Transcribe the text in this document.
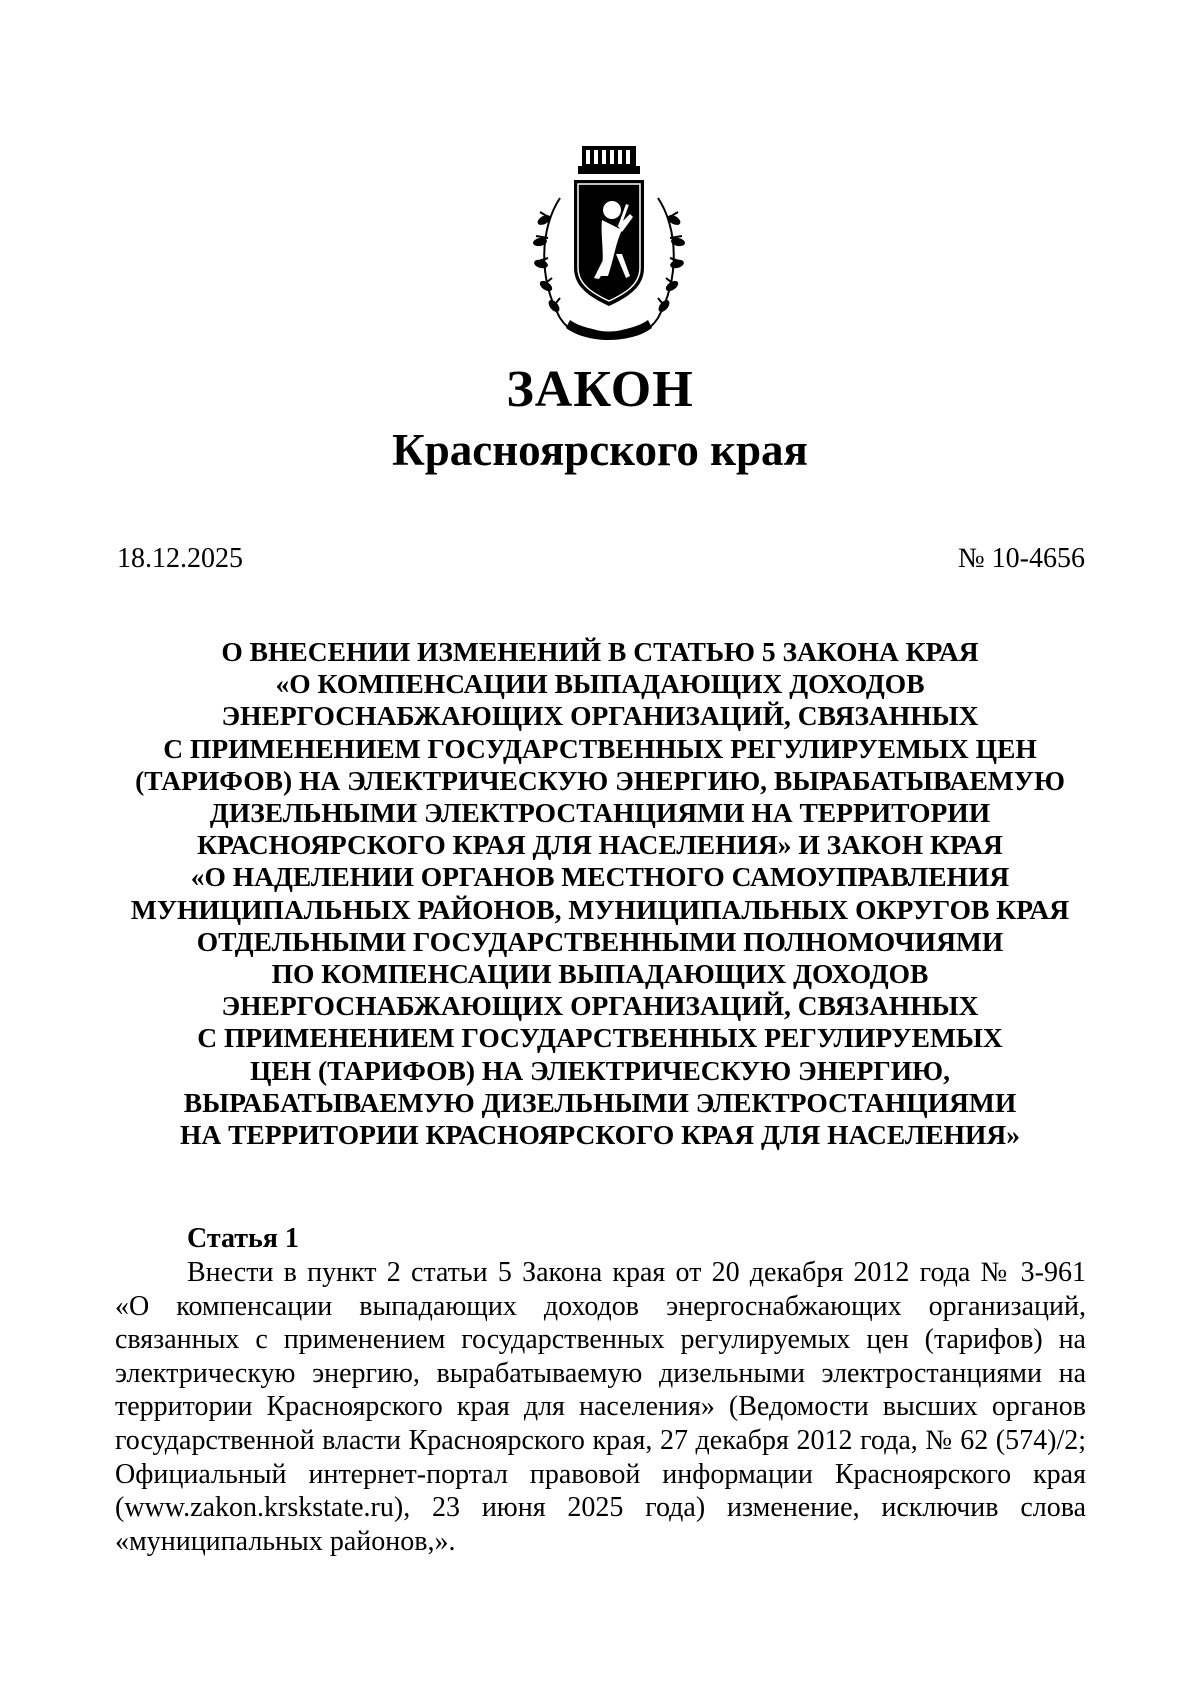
ЗАКОН
Красноярского края
18.12.2025	№ 10-4656
О ВНЕСЕНИИ ИЗМЕНЕНИЙ В СТАТЬЮ 5 ЗАКОНА КРАЯ
«О КОМПЕНСАЦИИ ВЫПАДАЮЩИХ ДОХОДОВ
ЭНЕРГОСНАБЖАЮЩИХ ОРГАНИЗАЦИЙ, СВЯЗАННЫХ
С ПРИМЕНЕНИЕМ ГОСУДАРСТВЕННЫХ РЕГУЛИРУЕМЫХ ЦЕН
(ТАРИФОВ) НА ЭЛЕКТРИЧЕСКУЮ ЭНЕРГИЮ, ВЫРАБАТЫВАЕМУЮ
ДИЗЕЛЬНЫМИ ЭЛЕКТРОСТАНЦИЯМИ НА ТЕРРИТОРИИ
КРАСНОЯРСКОГО КРАЯ ДЛЯ НАСЕЛЕНИЯ» И ЗАКОН КРАЯ
«О НАДЕЛЕНИИ ОРГАНОВ МЕСТНОГО САМОУПРАВЛЕНИЯ
МУНИЦИПАЛЬНЫХ РАЙОНОВ, МУНИЦИПАЛЬНЫХ ОКРУГОВ КРАЯ
ОТДЕЛЬНЫМИ ГОСУДАРСТВЕННЫМИ ПОЛНОМОЧИЯМИ
ПО КОМПЕНСАЦИИ ВЫПАДАЮЩИХ ДОХОДОВ
ЭНЕРГОСНАБЖАЮЩИХ ОРГАНИЗАЦИЙ, СВЯЗАННЫХ
С ПРИМЕНЕНИЕМ ГОСУДАРСТВЕННЫХ РЕГУЛИРУЕМЫХ
ЦЕН (ТАРИФОВ) НА ЭЛЕКТРИЧЕСКУЮ ЭНЕРГИЮ,
ВЫРАБАТЫВАЕМУЮ ДИЗЕЛЬНЫМИ ЭЛЕКТРОСТАНЦИЯМИ
НА ТЕРРИТОРИИ КРАСНОЯРСКОГО КРАЯ ДЛЯ НАСЕЛЕНИЯ»

Статья 1

Внести в пункт 2 статьи 5 Закона края от 20 декабря 2012 года № 3-961
«О компенсации выпадающих доходов энергоснабжающих организаций,
связанных с применением государственных регулируемых цен (тарифов) на
электрическую энергию, вырабатываемую дизельными электростанциями на
территории Красноярского края для населения» (Ведомости высших органов
государственной власти Красноярского края, 27 декабря 2012 года, № 62 (574)/2;
Официальный интернет-портал правовой информации Красноярского края
(www.zakon.krskstate.ru), 23 июня 2025 года) изменение, исключив слова
«муниципальных районов,».
